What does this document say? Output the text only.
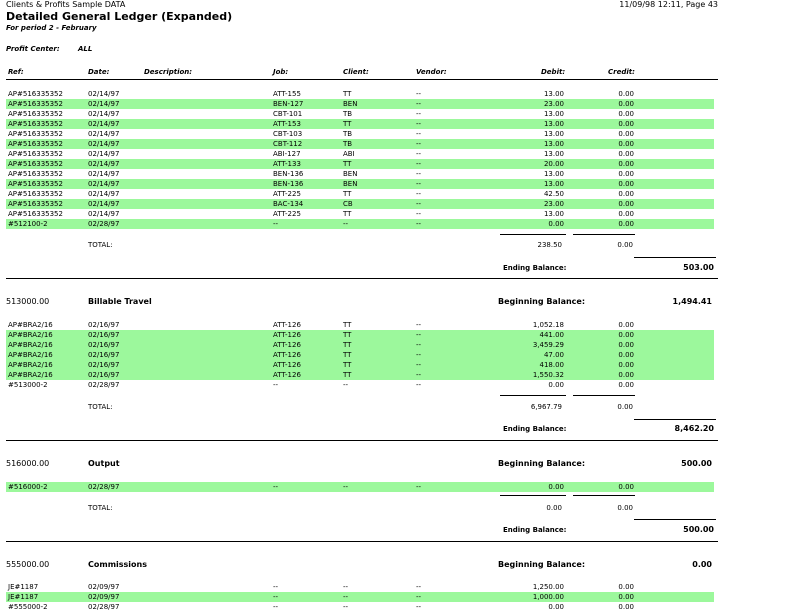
Clients & Profits Sample DATA	11/09/98 12:11, Page 43
Detailed General Ledger (Expanded)
For period 2 - February
Profit Center:	ALL
Ref:	Date:	Description:	Job:	Client:	Vendor:	Debit:	Credit:
AP#516335352	02/14/97	ATT-155	TT	--	13.00	0.00
AP#516335352	02/14/97	BEN-127	BEN	--	23.00	0.00
AP#516335352	02/14/97	CBT-101	TB	--	13.00	0.00
AP#516335352	02/14/97	ATT-153	TT	--	13.00	0.00
AP#516335352	02/14/97	CBT-103	TB	--	13.00	0.00
AP#516335352	02/14/97	CBT-112	TB	--	13.00	0.00
AP#516335352	02/14/97	ABI-127	ABI	--	13.00	0.00
AP#516335352	02/14/97	ATT-133	TT	--	20.00	0.00
AP#516335352	02/14/97	BEN-136	BEN	--	13.00	0.00
AP#516335352	02/14/97	BEN-136	BEN	--	13.00	0.00
AP#516335352	02/14/97	ATT-225	TT	--	42.50	0.00
AP#516335352	02/14/97	BAC-134	CB	--	23.00	0.00
AP#516335352	02/14/97	ATT-225	TT	--	13.00	0.00
#512100-2	02/28/97	--	--	--	0.00	0.00
TOTAL:	238.50	0.00
Ending Balance:	503.00
513000.00	Billable Travel	Beginning Balance:	1,494.41
AP#BRA2/16	02/16/97	ATT-126	TT	--	1,052.18	0.00
AP#BRA2/16	02/16/97	ATT-126	TT	--	441.00	0.00
AP#BRA2/16	02/16/97	ATT-126	TT	--	3,459.29	0.00
AP#BRA2/16	02/16/97	ATT-126	TT	--	47.00	0.00
AP#BRA2/16	02/16/97	ATT-126	TT	--	418.00	0.00
AP#BRA2/16	02/16/97	ATT-126	TT	--	1,550.32	0.00
#513000-2	02/28/97	--	--	--	0.00	0.00
TOTAL:	6,967.79	0.00
Ending Balance:	8,462.20
516000.00	Output	Beginning Balance:	500.00
#516000-2	02/28/97	--	--	--	0.00	0.00
TOTAL:	0.00	0.00
Ending Balance:	500.00
555000.00	Commissions	Beginning Balance:	0.00
JE#1187	02/09/97	--	--	--	1,250.00	0.00
JE#1187	02/09/97	--	--	--	1,000.00	0.00
#555000-2	02/28/97	--	--	--	0.00	0.00
